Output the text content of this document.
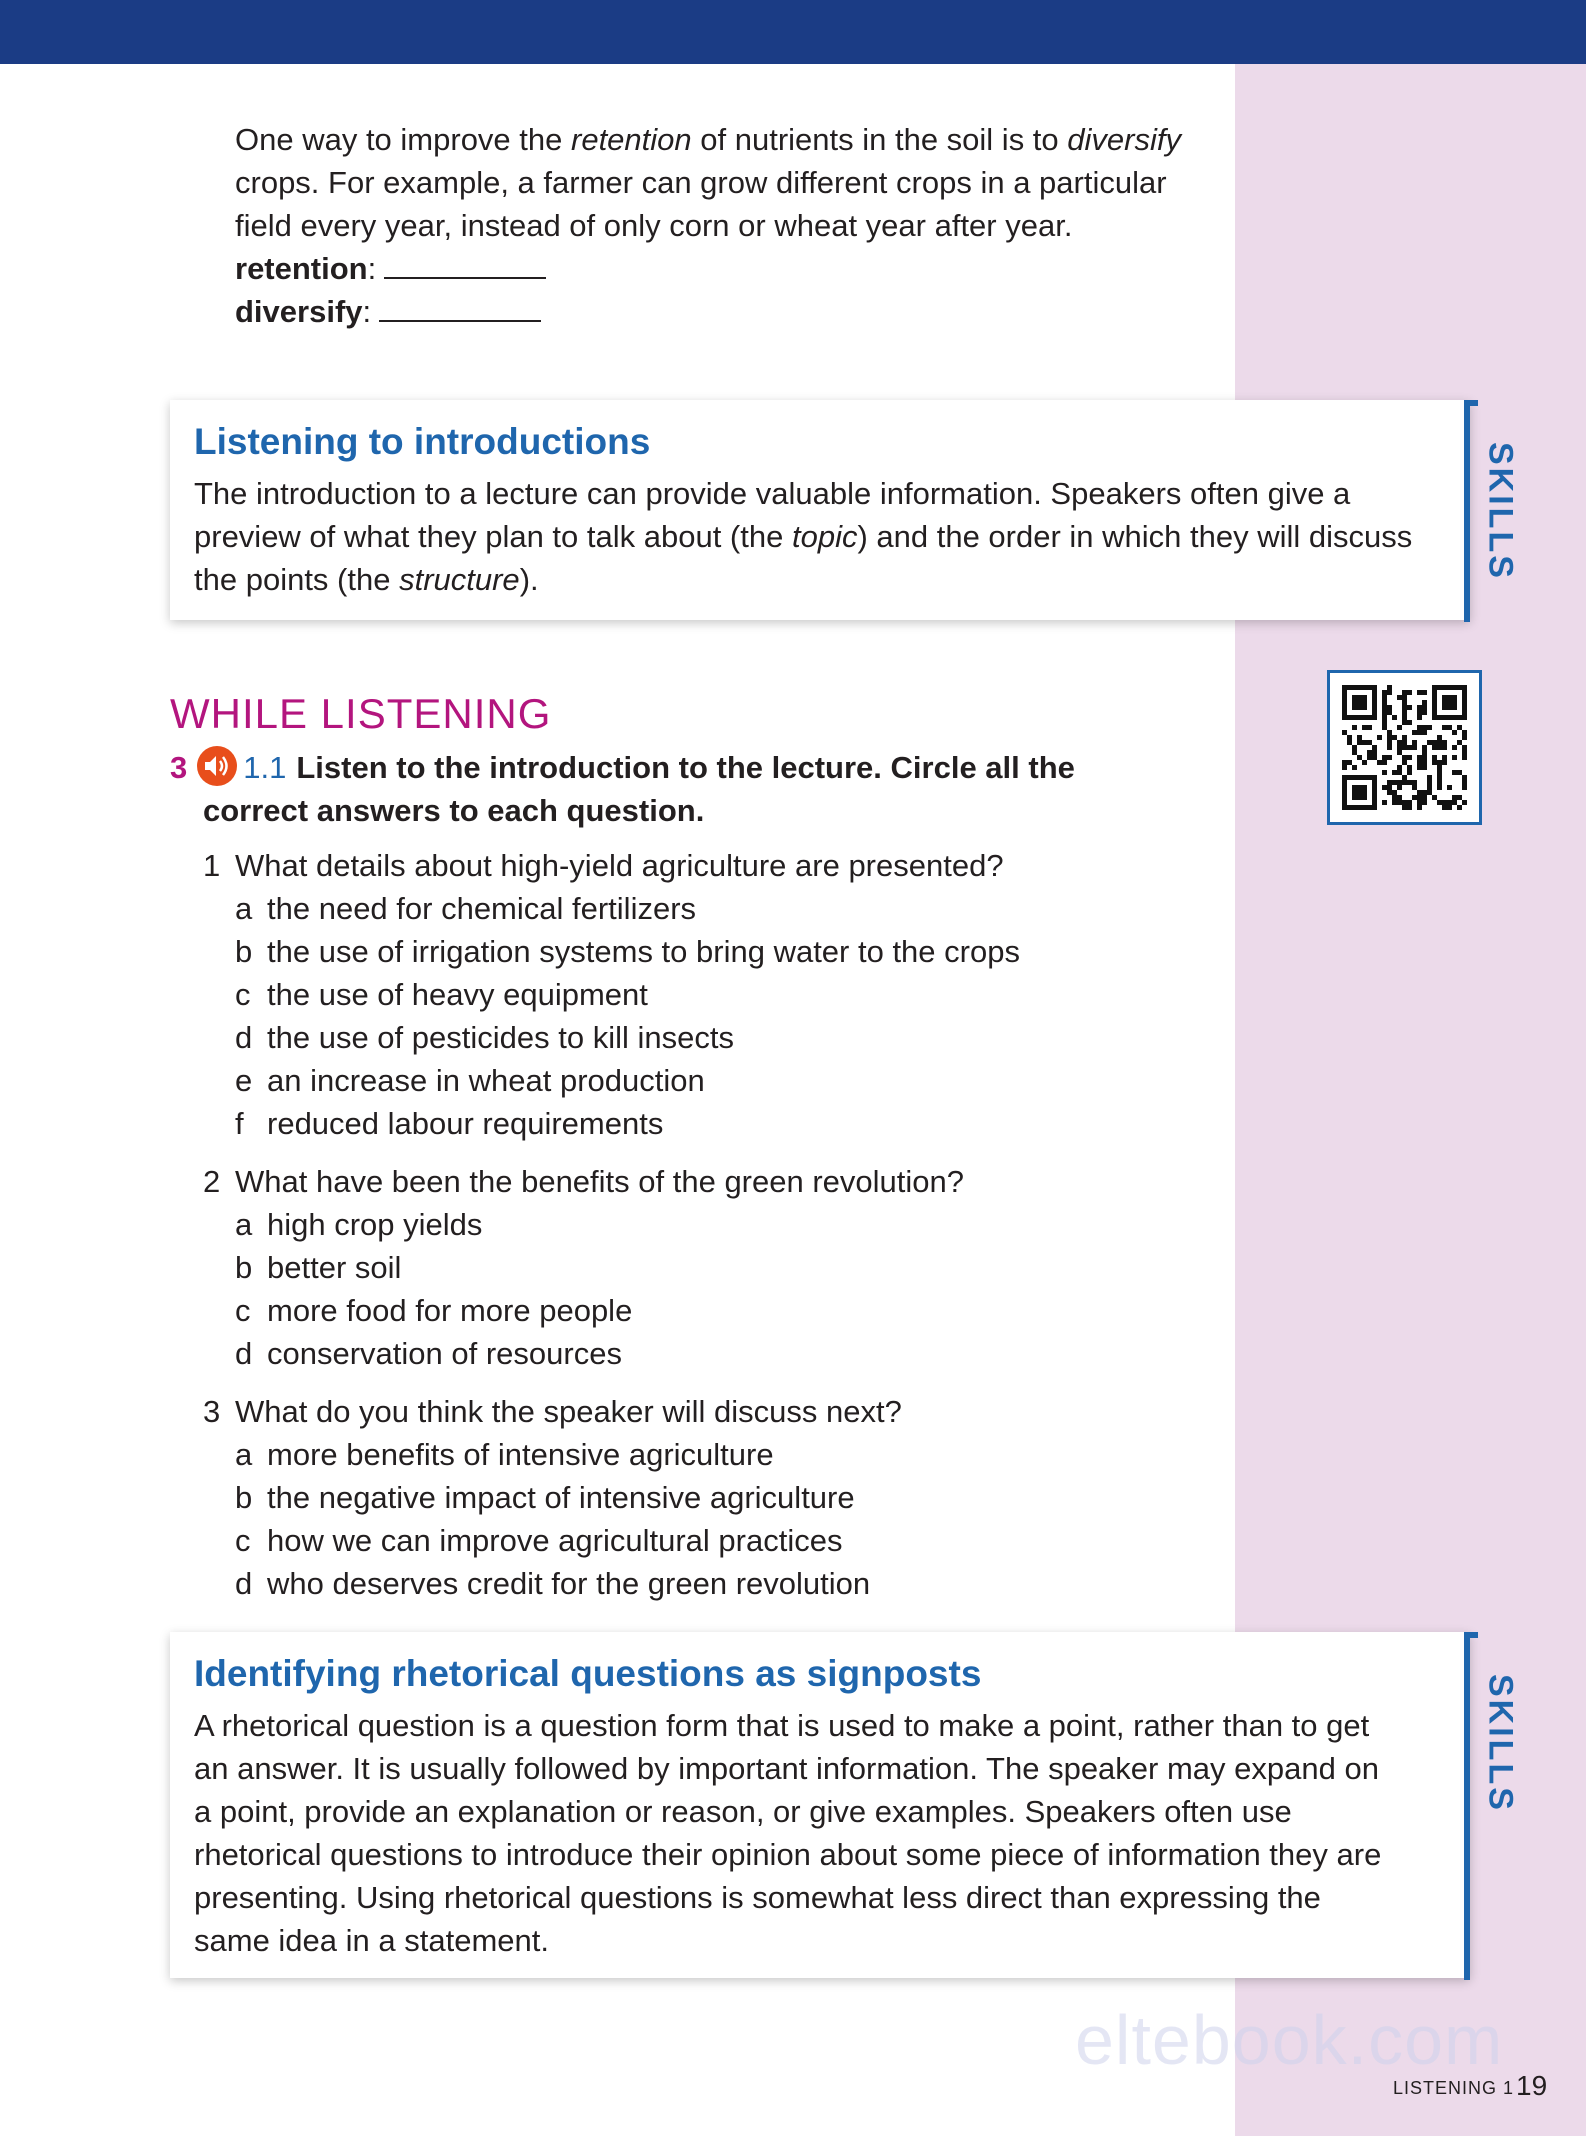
One way to improve the retention of nutrients in the soil is to diversify crops. For example, a farmer can grow different crops in a particular field every year, instead of only corn or wheat year after year.

retention:
diversify:
Listening to introductions

The introduction to a lecture can provide valuable information. Speakers often give a preview of what they plan to talk about (the topic) and the order in which they will discuss the points (the structure).	SKILLS
WHILE LISTENING
3 1.1 Listen to the introduction to the lecture. Circle all the
correct answers to each question.
1 What details about high-yield agriculture are presented?
a the need for chemical fertilizers
b the use of irrigation systems to bring water to the crops
c the use of heavy equipment
d the use of pesticides to kill insects
e an increase in wheat production
f reduced labour requirements
2 What have been the benefits of the green revolution?
a high crop yields
b better soil
c more food for more people
d conservation of resources
3 What do you think the speaker will discuss next?
a more benefits of intensive agriculture
b the negative impact of intensive agriculture
c how we can improve agricultural practices
d who deserves credit for the green revolution
Identifying rhetorical questions as signposts

A rhetorical question is a question form that is used to make a point, rather than to get an answer. It is usually followed by important information. The speaker may expand on a point, provide an explanation or reason, or give examples. Speakers often use rhetorical questions to introduce their opinion about some piece of information they are presenting. Using rhetorical questions is somewhat less direct than expressing the same idea in a statement.

SKILLS
eltebook.com
LISTENING 1 19
